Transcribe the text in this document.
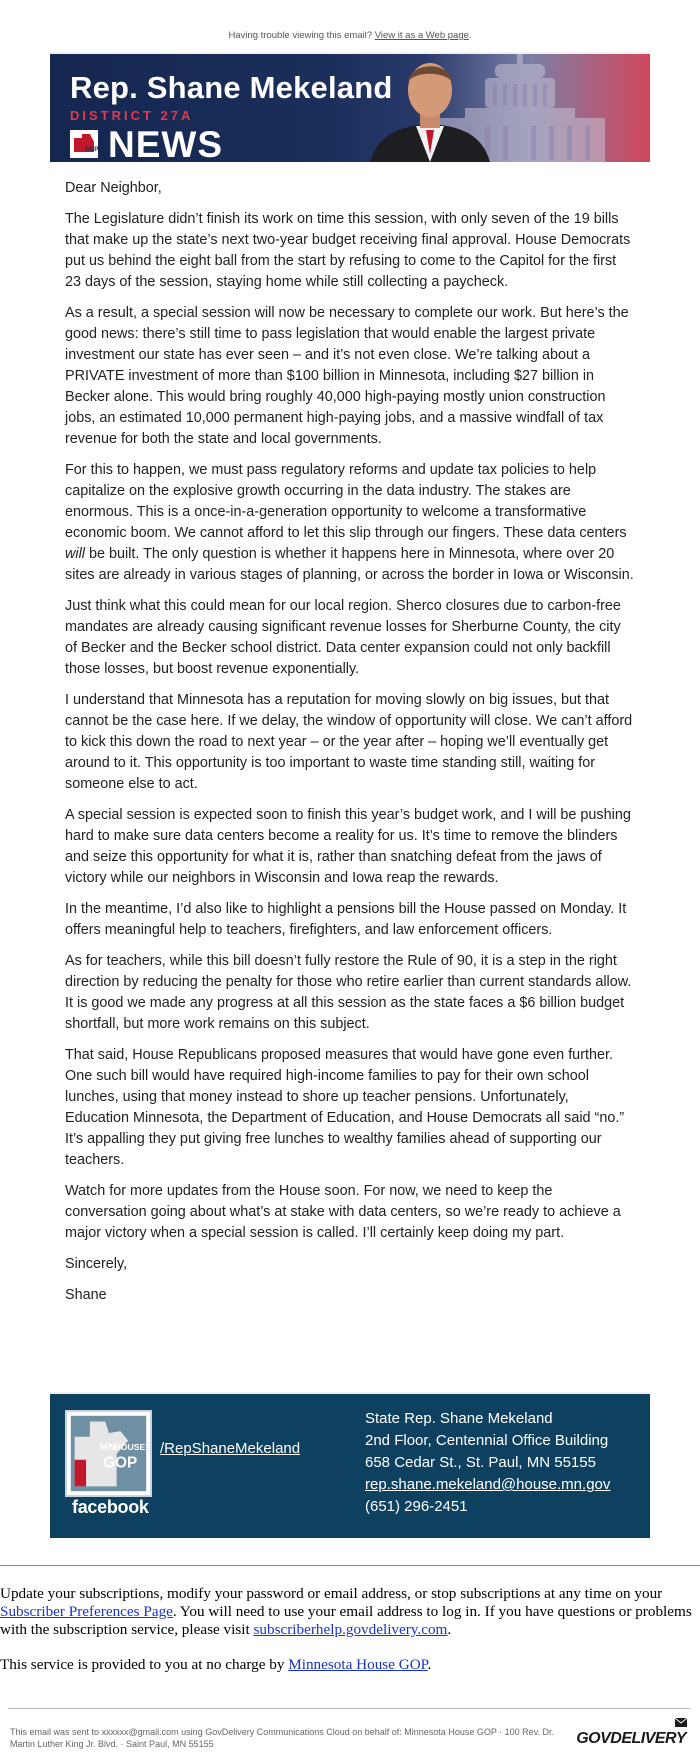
Having trouble viewing this email? View it as a Web page.
Rep. Shane Mekeland
DISTRICT 27A
GOP NEWS

Dear Neighbor,

The Legislature didn’t finish its work on time this session, with only seven of the 19 bills that make up the state’s next two-year budget receiving final approval. House Democrats put us behind the eight ball from the start by refusing to come to the Capitol for the first 23 days of the session, staying home while still collecting a paycheck.

As a result, a special session will now be necessary to complete our work. But here’s the good news: there’s still time to pass legislation that would enable the largest private investment our state has ever seen – and it’s not even close. We’re talking about a PRIVATE investment of more than $100 billion in Minnesota, including $27 billion in Becker alone. This would bring roughly 40,000 high-paying mostly union construction jobs, an estimated 10,000 permanent high-paying jobs, and a massive windfall of tax revenue for both the state and local governments.

For this to happen, we must pass regulatory reforms and update tax policies to help capitalize on the explosive growth occurring in the data industry. The stakes are enormous. This is a once-in-a-generation opportunity to welcome a transformative economic boom. We cannot afford to let this slip through our fingers. These data centers will be built. The only question is whether it happens here in Minnesota, where over 20 sites are already in various stages of planning, or across the border in Iowa or Wisconsin.

Just think what this could mean for our local region. Sherco closures due to carbon-free mandates are already causing significant revenue losses for Sherburne County, the city of Becker and the Becker school district. Data center expansion could not only backfill those losses, but boost revenue exponentially.

I understand that Minnesota has a reputation for moving slowly on big issues, but that cannot be the case here. If we delay, the window of opportunity will close. We can’t afford to kick this down the road to next year – or the year after – hoping we’ll eventually get around to it. This opportunity is too important to waste time standing still, waiting for someone else to act.

A special session is expected soon to finish this year’s budget work, and I will be pushing hard to make sure data centers become a reality for us. It’s time to remove the blinders and seize this opportunity for what it is, rather than snatching defeat from the jaws of victory while our neighbors in Wisconsin and Iowa reap the rewards.

In the meantime, I’d also like to highlight a pensions bill the House passed on Monday. It offers meaningful help to teachers, firefighters, and law enforcement officers.

As for teachers, while this bill doesn’t fully restore the Rule of 90, it is a step in the right direction by reducing the penalty for those who retire earlier than current standards allow. It is good we made any progress at all this session as the state faces a $6 billion budget shortfall, but more work remains on this subject.

That said, House Republicans proposed measures that would have gone even further. One such bill would have required high-income families to pay for their own school lunches, using that money instead to shore up teacher pensions. Unfortunately, Education Minnesota, the Department of Education, and House Democrats all said “no.” It’s appalling they put giving free lunches to wealthy families ahead of supporting our teachers.

Watch for more updates from the House soon. For now, we need to keep the conversation going about what’s at stake with data centers, so we’re ready to achieve a major victory when a special session is called. I’ll certainly keep doing my part.

Sincerely,

Shane

MN
HOUSE
GOP
facebook
/RepShaneMekeland
State Rep. Shane Mekeland
2nd Floor, Centennial Office Building
658 Cedar St., St. Paul, MN 55155
rep.shane.mekeland@house.mn.gov
(651) 296-2451

Update your subscriptions, modify your password or email address, or stop subscriptions at any time on your Subscriber Preferences Page. You will need to use your email address to log in. If you have questions or problems with the subscription service, please visit subscriberhelp.govdelivery.com.

This service is provided to you at no charge by Minnesota House GOP.

This email was sent to xxxxxx@gmail.com using GovDelivery Communications Cloud on behalf of: Minnesota House GOP · 100 Rev. Dr. Martin Luther King Jr. Blvd. · Saint Paul, MN 55155	GOVDELIVERY
